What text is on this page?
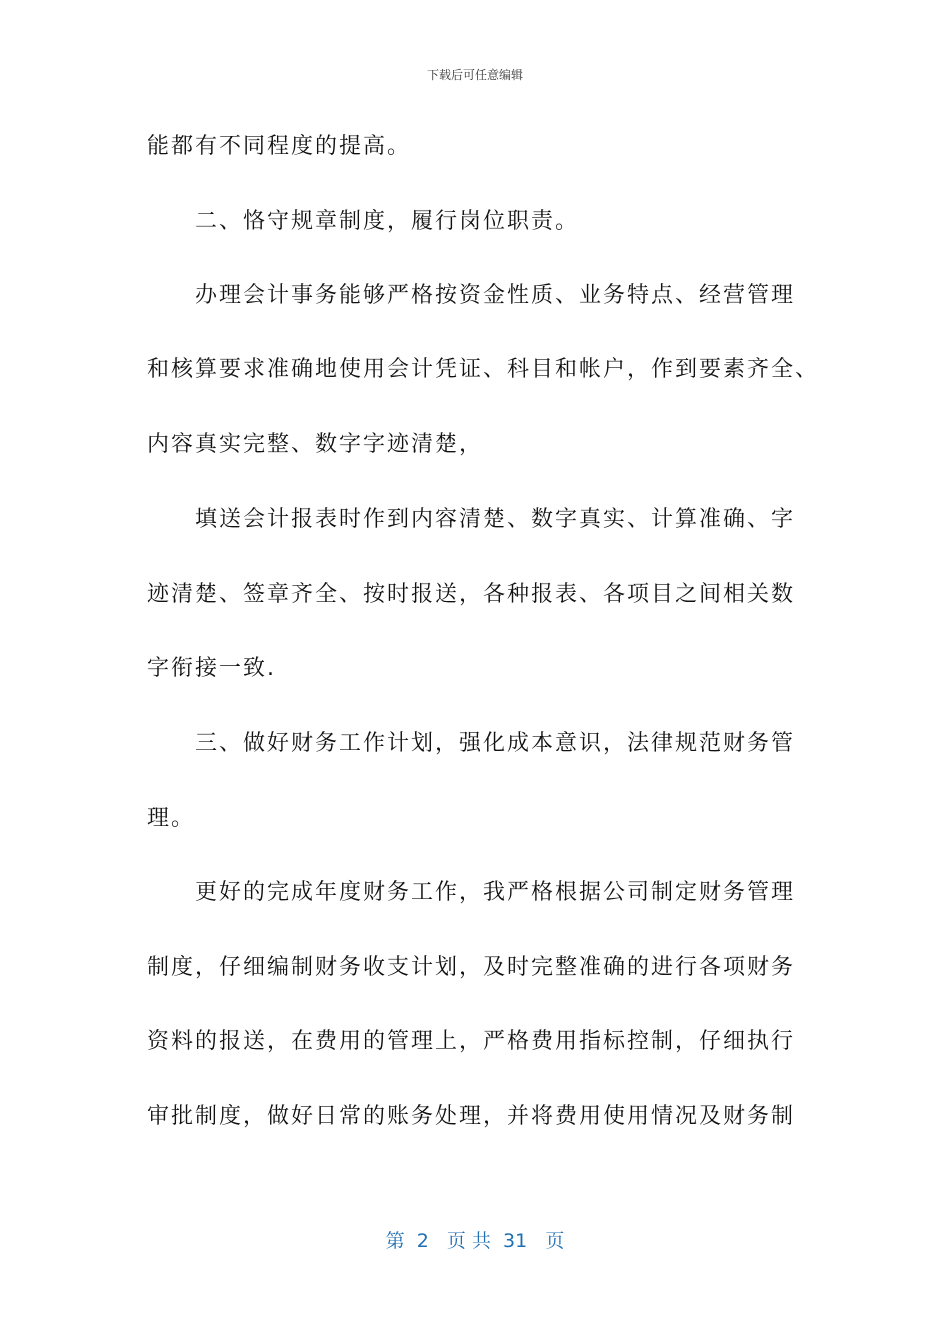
下载后可任意编辑
能都有不同程度的提高。
　　二、恪守规章制度，履行岗位职责。
　　办理会计事务能够严格按资金性质、业务特点、经营管理
和核算要求准确地使用会计凭证、科目和帐户，作到要素齐全、
内容真实完整、数字字迹清楚，
　　填送会计报表时作到内容清楚、数字真实、计算准确、字
迹清楚、签章齐全、按时报送，各种报表、各项目之间相关数
字衔接一致.
　　三、做好财务工作计划，强化成本意识，法律规范财务管
理。
　　更好的完成年度财务工作，我严格根据公司制定财务管理
制度，仔细编制财务收支计划，及时完整准确的进行各项财务
资料的报送，在费用的管理上，严格费用指标控制，仔细执行
审批制度，做好日常的账务处理，并将费用使用情况及财务制
第  2   页 共  31   页
